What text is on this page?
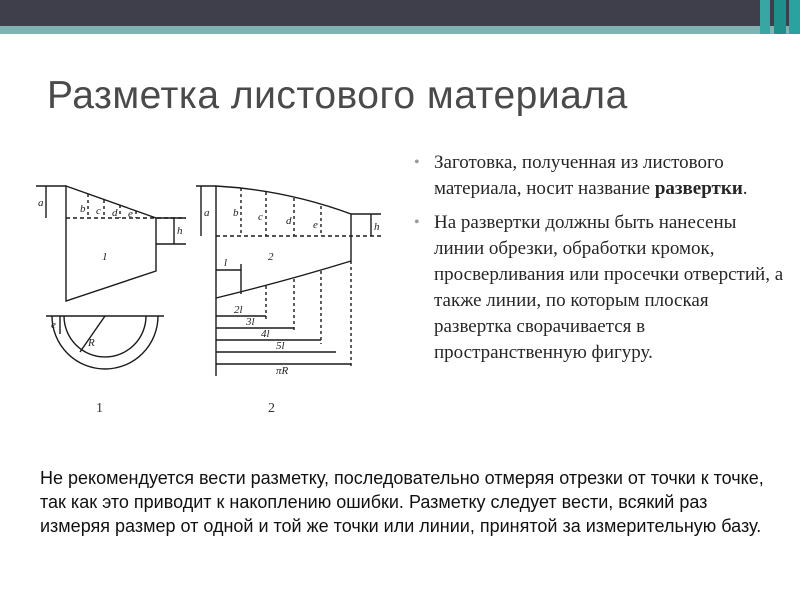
Разметка листового материала
• Заготовка, полученная из листового материала, носит название развертки.
• На развертки должны быть нанесены линии обрезки, обработки кромок, просверливания или просечки отверстий, а также линии, по которым плоская развертка сворачивается в пространственную фигуру.
a	b c d e
h
1
R
e
a b c d e	h
2
l
2l
3l
4l
5l
πR
1	2

Не рекомендуется вести разметку, последовательно отмеряя отрезки от точки к точке, так как это приводит к накоплению ошибки. Разметку следует вести, всякий раз измеряя размер от одной и той же точки или линии, принятой за измерительную базу.
